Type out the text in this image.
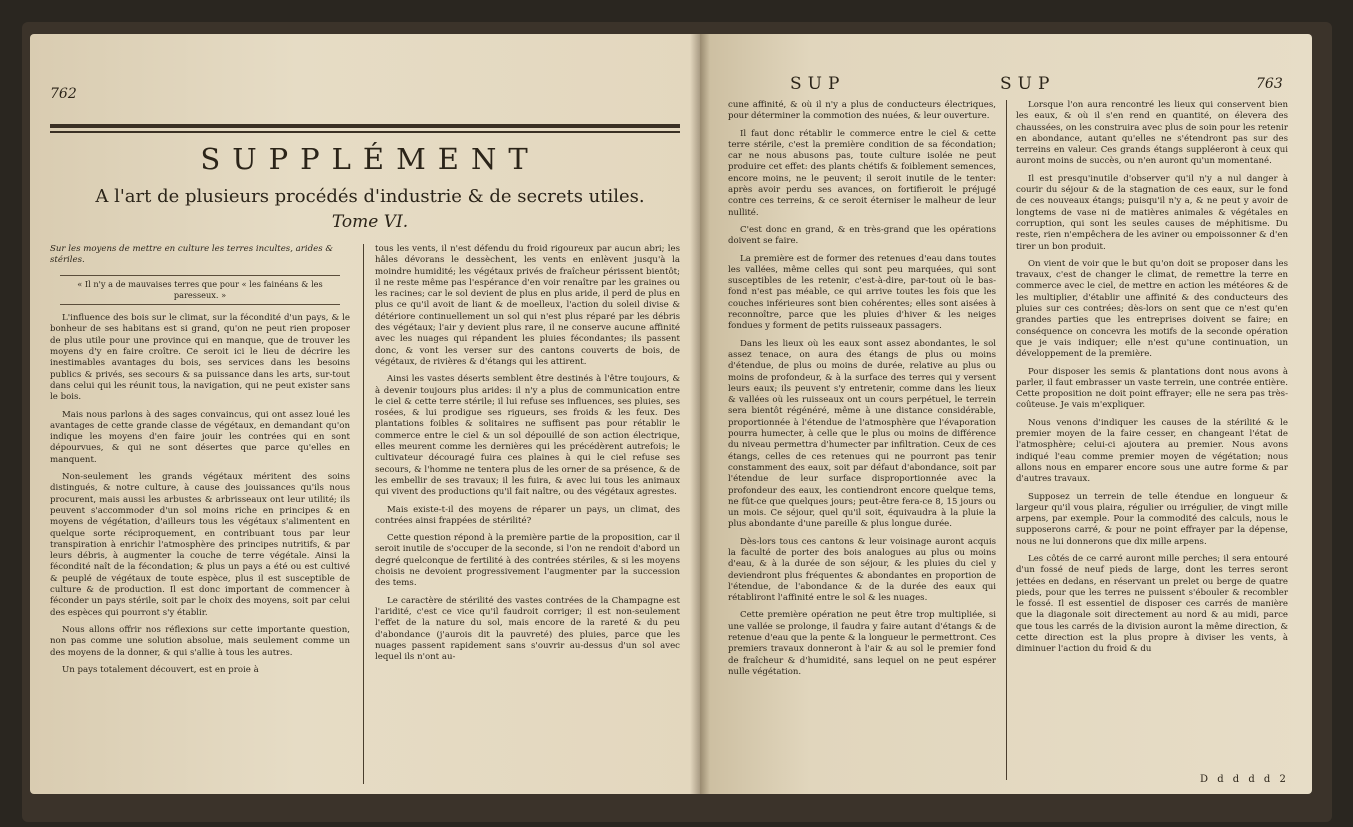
762
SUPPLÉMENT
A l'art de plusieurs procédés d'industrie & de secrets utiles.
Tome VI.

Sur les moyens de mettre en culture les terres incultes, arides & stériles.

« Il n'y a de mauvaises terres que pour « les fainéans & les paresseux. »

L'influence des bois sur le climat, sur la fécondité d'un pays, & le bonheur de ses habitans est si grand, qu'on ne peut rien proposer de plus utile pour une province qui en manque, que de trouver les moyens d'y en faire croître. Ce seroit ici le lieu de décrire les inestimables avantages du bois, ses services dans les besoins publics & privés, ses secours & sa puissance dans les arts, sur-tout dans celui qui les réunit tous, la navigation, qui ne peut exister sans le bois.

Mais nous parlons à des sages convaincus, qui ont assez loué les avantages de cette grande classe de végétaux, en demandant qu'on indique les moyens d'en faire jouir les contrées qui en sont dépourvues, & qui ne sont désertes que parce qu'elles en manquent.

Non-seulement les grands végétaux méritent des soins distingués, & notre culture, à cause des jouissances qu'ils nous procurent, mais aussi les arbustes & arbrisseaux ont leur utilité; ils peuvent s'accommoder d'un sol moins riche en principes & en moyens de végétation, d'ailleurs tous les végétaux s'alimentent en quelque sorte réciproquement, en contribuant tous par leur transpiration à enrichir l'atmosphère des principes nutritifs, & par leurs débris, à augmenter la couche de terre végétale. Ainsi la fécondité naît de la fécondation; & plus un pays a été ou est cultivé & peuplé de végétaux de toute espèce, plus il est susceptible de culture & de production. Il est donc important de commencer à féconder un pays stérile, soit par le choix des moyens, soit par celui des espèces qui pourront s'y établir.

Nous allons offrir nos réflexions sur cette importante question, non pas comme une solution absolue, mais seulement comme un des moyens de la donner, & qui s'allie à tous les autres.

Un pays totalement découvert, est en proie à

tous les vents, il n'est défendu du froid rigoureux par aucun abri; les hâles dévorans le dessèchent, les vents en enlèvent jusqu'à la moindre humidité; les végétaux privés de fraîcheur périssent bientôt; il ne reste même pas l'espérance d'en voir renaître par les graines ou les racines; car le sol devient de plus en plus aride, il perd de plus en plus ce qu'il avoit de liant & de moelleux, l'action du soleil divise & détériore continuellement un sol qui n'est plus réparé par les débris des végétaux; l'air y devient plus rare, il ne conserve aucune affinité avec les nuages qui répandent les pluies fécondantes; ils passent donc, & vont les verser sur des cantons couverts de bois, de végétaux, de rivières & d'étangs qui les attirent.

Ainsi les vastes déserts semblent être destinés à l'être toujours, & à devenir toujours plus arides: il n'y a plus de communication entre le ciel & cette terre stérile; il lui refuse ses influences, ses pluies, ses rosées, & lui prodigue ses rigueurs, ses froids & les feux. Des plantations foibles & solitaires ne suffisent pas pour rétablir le commerce entre le ciel & un sol dépouillé de son action électrique, elles meurent comme les dernières qui les précédèrent autrefois; le cultivateur découragé fuira ces plaines à qui le ciel refuse ses secours, & l'homme ne tentera plus de les orner de sa présence, & de les embellir de ses travaux; il les fuira, & avec lui tous les animaux qui vivent des productions qu'il fait naître, ou des végétaux agrestes.

Mais existe-t-il des moyens de réparer un pays, un climat, des contrées ainsi frappées de stérilité?

Cette question répond à la première partie de la proposition, car il seroit inutile de s'occuper de la seconde, si l'on ne rendoit d'abord un degré quelconque de fertilité à des contrées stériles, & si les moyens choisis ne devoient progressivement l'augmenter par la succession des tems.

Le caractère de stérilité des vastes contrées de la Champagne est l'aridité, c'est ce vice qu'il faudroit corriger; il est non-seulement l'effet de la nature du sol, mais encore de la rareté & du peu d'abondance (j'aurois dit la pauvreté) des pluies, parce que les nuages passent rapidement sans s'ouvrir au-dessus d'un sol avec lequel ils n'ont au-

SUP	SUP	763

cune affinité, & où il n'y a plus de conducteurs électriques, pour déterminer la commotion des nuées, & leur ouverture.

Il faut donc rétablir le commerce entre le ciel & cette terre stérile, c'est la première condition de sa fécondation; car ne nous abusons pas, toute culture isolée ne peut produire cet effet: des plants chétifs & foiblement semences, encore moins, ne le peuvent; il seroit inutile de le tenter: après avoir perdu ses avances, on fortifieroit le préjugé contre ces terreins, & ce seroit éterniser le malheur de leur nullité.

C'est donc en grand, & en très-grand que les opérations doivent se faire.

La première est de former des retenues d'eau dans toutes les vallées, même celles qui sont peu marquées, qui sont susceptibles de les retenir, c'est-à-dire, par-tout où le bas-fond n'est pas méable, ce qui arrive toutes les fois que les couches inférieures sont bien cohérentes; elles sont aisées à reconnoître, parce que les pluies d'hiver & les neiges fondues y forment de petits ruisseaux passagers.

Dans les lieux où les eaux sont assez abondantes, le sol assez tenace, on aura des étangs de plus ou moins d'étendue, de plus ou moins de durée, relative au plus ou moins de profondeur, & à la surface des terres qui y versent leurs eaux; ils peuvent s'y entretenir, comme dans les lieux & vallées où les ruisseaux ont un cours perpétuel, le terrein sera bientôt régénéré, même à une distance considérable, proportionnée à l'étendue de l'atmosphère que l'évaporation pourra humecter, à celle que le plus ou moins de différence du niveau permettra d'humecter par infiltration. Ceux de ces étangs, celles de ces retenues qui ne pourront pas tenir constamment des eaux, soit par défaut d'abondance, soit par l'étendue de leur surface disproportionnée avec la profondeur des eaux, les contiendront encore quelque tems, ne fût-ce que quelques jours; peut-être fera-ce 8, 15 jours ou un mois. Ce séjour, quel qu'il soit, équivaudra à la pluie la plus abondante d'une pareille & plus longue durée.

Dès-lors tous ces cantons & leur voisinage auront acquis la faculté de porter des bois analogues au plus ou moins d'eau, & à la durée de son séjour, & les pluies du ciel y deviendront plus fréquentes & abondantes en proportion de l'étendue, de l'abondance & de la durée des eaux qui rétabliront l'affinité entre le sol & les nuages.

Cette première opération ne peut être trop multipliée, si une vallée se prolonge, il faudra y faire autant d'étangs & de retenue d'eau que la pente & la longueur le permettront. Ces premiers travaux donneront à l'air & au sol le premier fond de fraîcheur & d'humidité, sans lequel on ne peut espérer nulle végétation.

Lorsque l'on aura rencontré les lieux qui conservent bien les eaux, & où il s'en rend en quantité, on élevera des chaussées, on les construira avec plus de soin pour les retenir en abondance, autant qu'elles ne s'étendront pas sur des terreins en valeur. Ces grands étangs suppléeront à ceux qui auront moins de succès, ou n'en auront qu'un momentané.

Il est presqu'inutile d'observer qu'il n'y a nul danger à courir du séjour & de la stagnation de ces eaux, sur le fond de ces nouveaux étangs; puisqu'il n'y a, & ne peut y avoir de longtems de vase ni de matières animales & végétales en corruption, qui sont les seules causes de méphitisme. Du reste, rien n'empêchera de les aviner ou empoissonner & d'en tirer un bon produit.

On vient de voir que le but qu'on doit se proposer dans les travaux, c'est de changer le climat, de remettre la terre en commerce avec le ciel, de mettre en action les météores & de les multiplier, d'établir une affinité & des conducteurs des pluies sur ces contrées; dès-lors on sent que ce n'est qu'en grandes parties que les entreprises doivent se faire; en conséquence on concevra les motifs de la seconde opération que je vais indiquer; elle n'est qu'une continuation, un développement de la première.

Pour disposer les semis & plantations dont nous avons à parler, il faut embrasser un vaste terrein, une contrée entière. Cette proposition ne doit point effrayer; elle ne sera pas très-coûteuse. Je vais m'expliquer.

Nous venons d'indiquer les causes de la stérilité & le premier moyen de la faire cesser, en changeant l'état de l'atmosphère; celui-ci ajoutera au premier. Nous avons indiqué l'eau comme premier moyen de végétation; nous allons nous en emparer encore sous une autre forme & par d'autres travaux.

Supposez un terrein de telle étendue en longueur & largeur qu'il vous plaira, régulier ou irrégulier, de vingt mille arpens, par exemple. Pour la commodité des calculs, nous le supposerons carré, & pour ne point effrayer par la dépense, nous ne lui donnerons que dix mille arpens.

Les côtés de ce carré auront mille perches; il sera entouré d'un fossé de neuf pieds de large, dont les terres seront jettées en dedans, en réservant un prelet ou berge de quatre pieds, pour que les terres ne puissent s'ébouler & recombler le fossé. Il est essentiel de disposer ces carrés de manière que la diagonale soit directement au nord & au midi, parce que tous les carrés de la division auront la même direction, & cette direction est la plus propre à diviser les vents, à diminuer l'action du froid & du

D d d d d 2
